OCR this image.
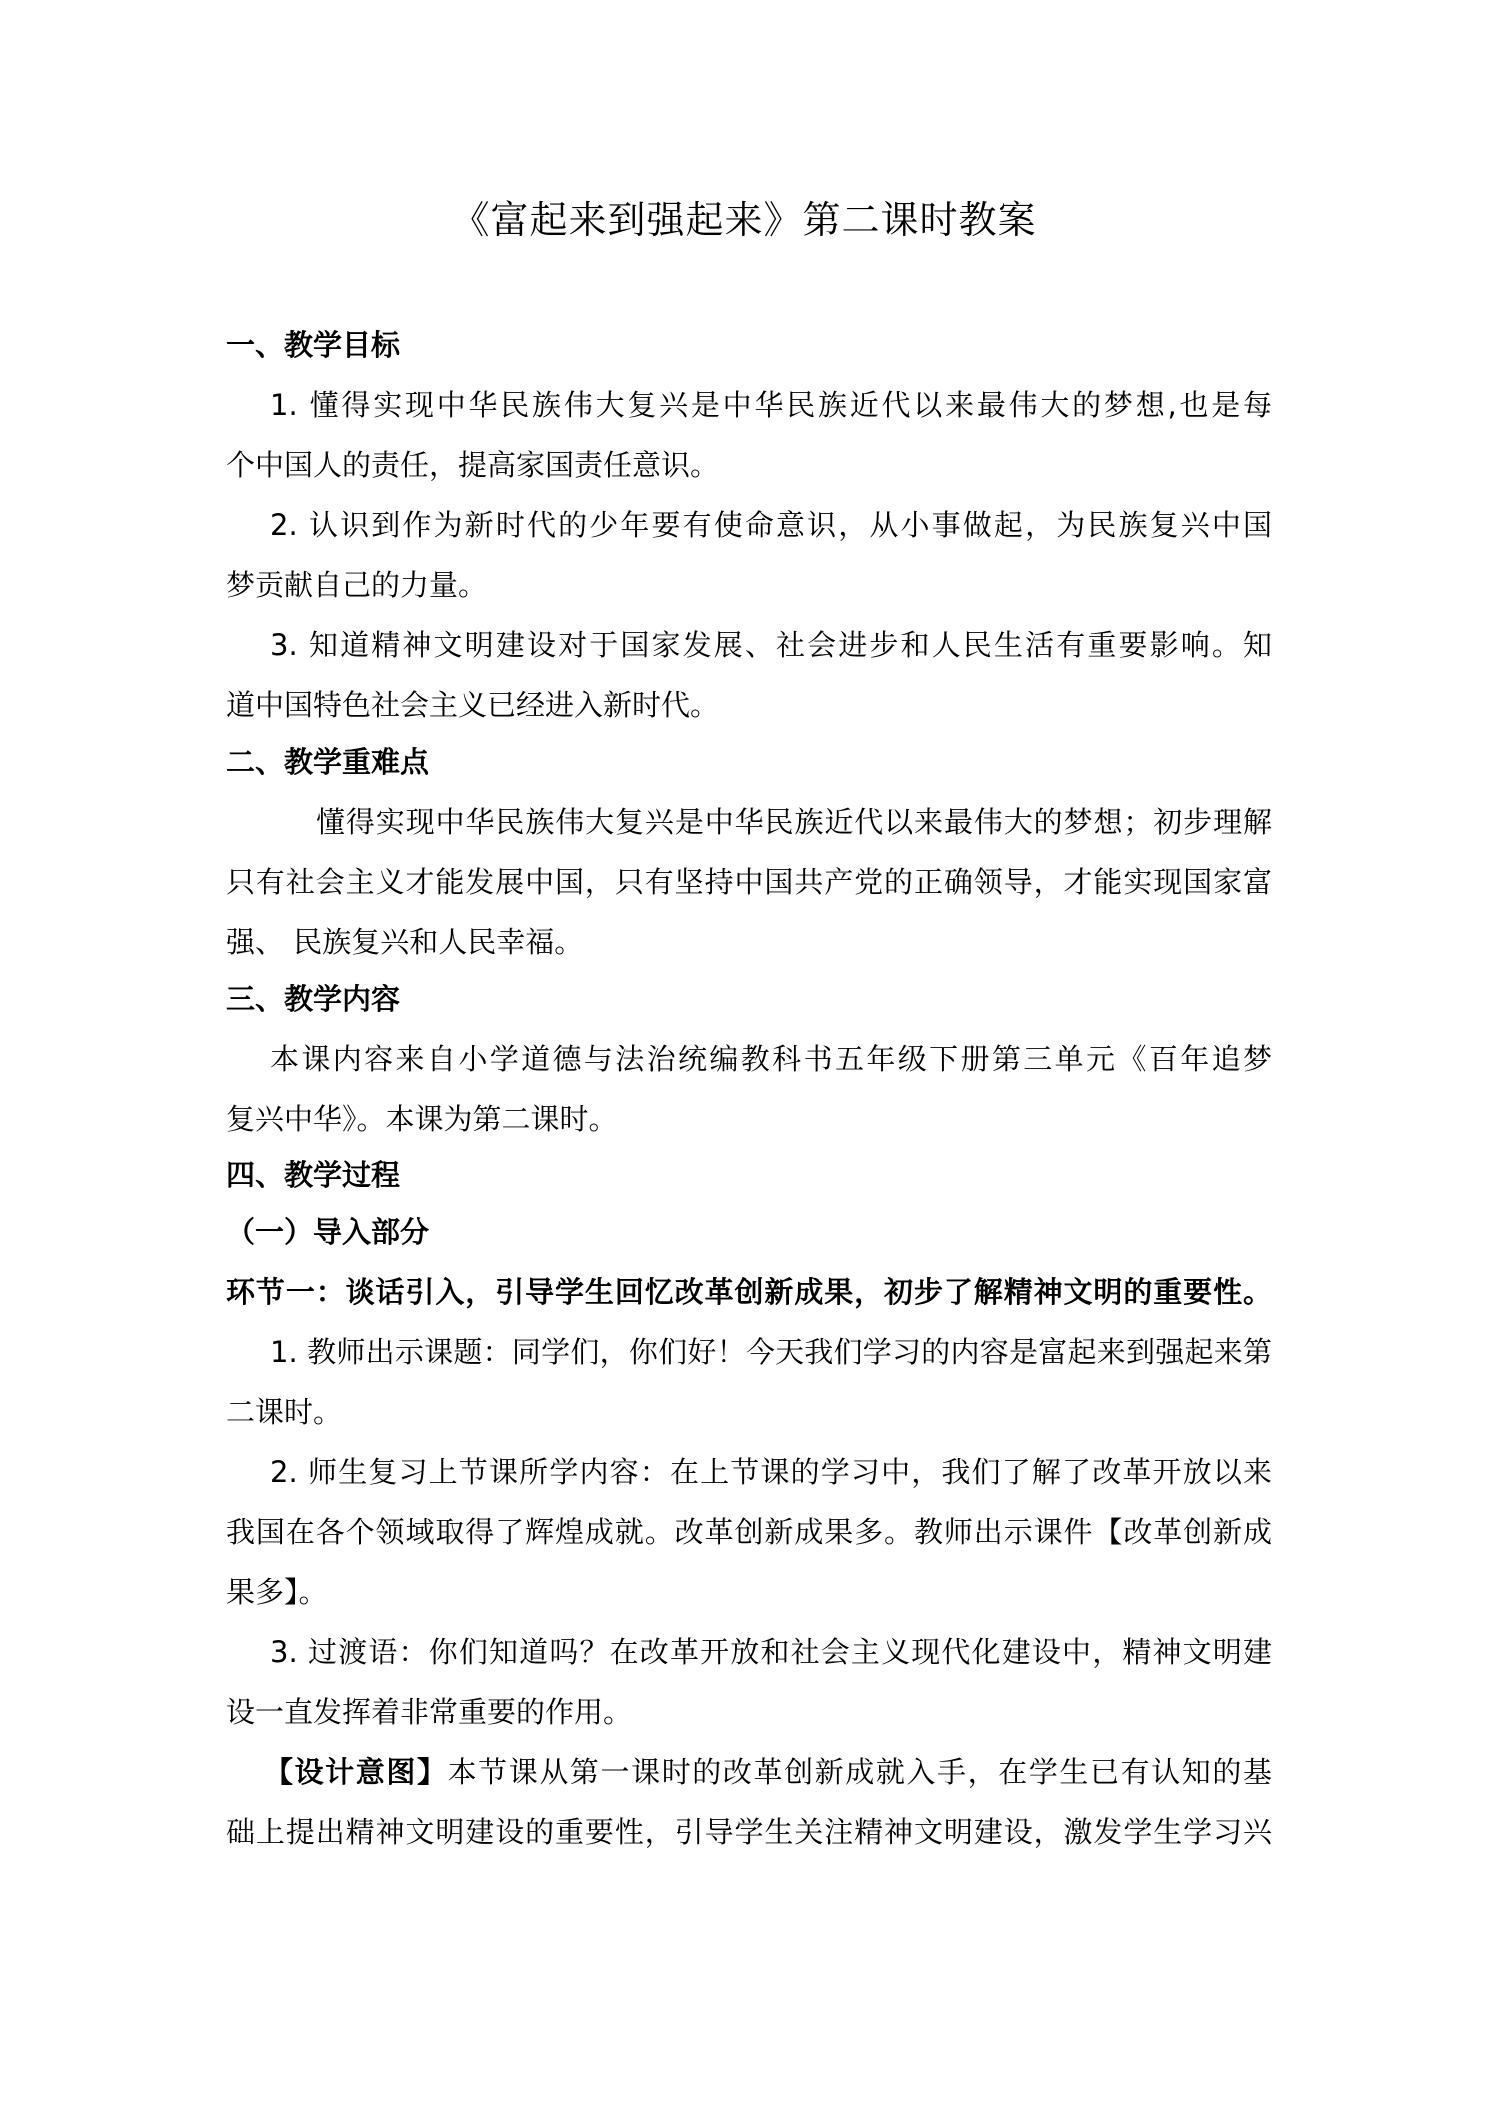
《富起来到强起来》第二课时教案

一、教学目标

1. 懂得实现中华民族伟大复兴是中华民族近代以来最伟大的梦想,也是每

个中国人的责任，提高家国责任意识。

2. 认识到作为新时代的少年要有使命意识，从小事做起，为民族复兴中国

梦贡献自己的力量。

3. 知道精神文明建设对于国家发展、社会进步和人民生活有重要影响。知

道中国特色社会主义已经进入新时代。

二、教学重难点

懂得实现中华民族伟大复兴是中华民族近代以来最伟大的梦想；初步理解

只有社会主义才能发展中国，只有坚持中国共产党的正确领导，才能实现国家富

强、 民族复兴和人民幸福。

三、教学内容

本课内容来自小学道德与法治统编教科书五年级下册第三单元《百年追梦

复兴中华》。本课为第二课时。

四、教学过程

（一）导入部分

环节一：谈话引入，引导学生回忆改革创新成果，初步了解精神文明的重要性。

1. 教师出示课题：同学们，你们好！今天我们学习的内容是富起来到强起来第

二课时。

2. 师生复习上节课所学内容：在上节课的学习中，我们了解了改革开放以来

我国在各个领域取得了辉煌成就。改革创新成果多。教师出示课件【改革创新成

果多】。

3. 过渡语：你们知道吗？在改革开放和社会主义现代化建设中，精神文明建

设一直发挥着非常重要的作用。

【设计意图】本节课从第一课时的改革创新成就入手，在学生已有认知的基

础上提出精神文明建设的重要性，引导学生关注精神文明建设，激发学生学习兴
